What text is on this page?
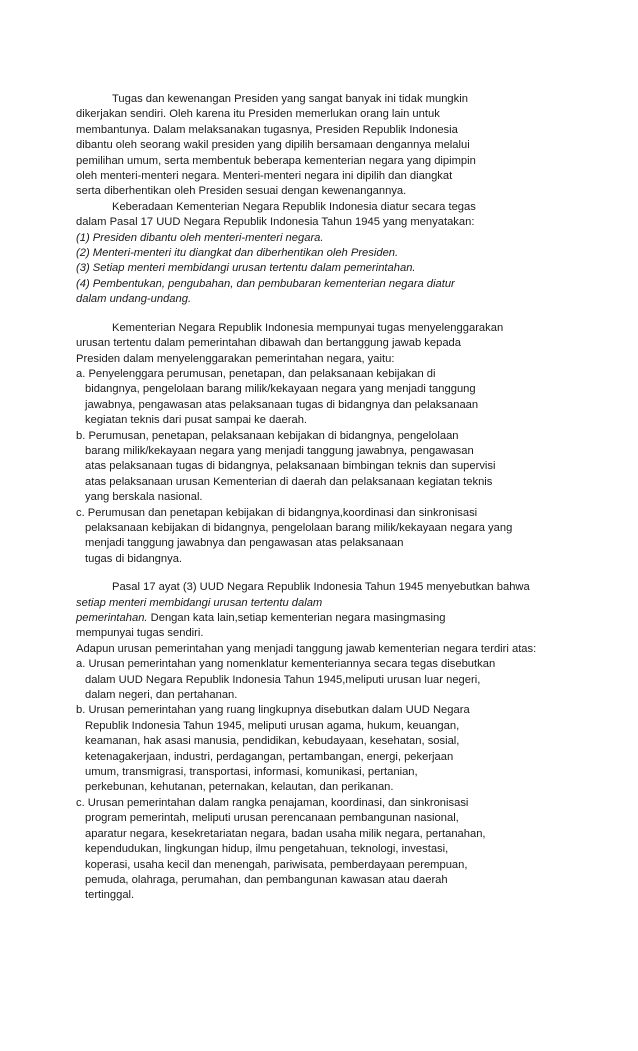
Tugas dan kewenangan Presiden yang sangat banyak ini tidak mungkin
dikerjakan sendiri. Oleh karena itu Presiden memerlukan orang lain untuk
membantunya. Dalam melaksanakan tugasnya, Presiden Republik Indonesia
dibantu oleh seorang wakil presiden yang dipilih bersamaan dengannya melalui
pemilihan umum, serta membentuk beberapa kementerian negara yang dipimpin
oleh menteri-menteri negara. Menteri-menteri negara ini dipilih dan diangkat
serta diberhentikan oleh Presiden sesuai dengan kewenangannya.
Keberadaan Kementerian Negara Republik Indonesia diatur secara tegas
dalam Pasal 17 UUD Negara Republik Indonesia Tahun 1945 yang menyatakan:
(1) Presiden dibantu oleh menteri-menteri negara.
(2) Menteri-menteri itu diangkat dan diberhentikan oleh Presiden.
(3) Setiap menteri membidangi urusan tertentu dalam pemerintahan.
(4) Pembentukan, pengubahan, dan pembubaran kementerian negara diatur
dalam undang-undang.
Kementerian Negara Republik Indonesia mempunyai tugas menyelenggarakan
urusan tertentu dalam pemerintahan dibawah dan bertanggung jawab kepada
Presiden dalam menyelenggarakan pemerintahan negara, yaitu:
a. Penyelenggara perumusan, penetapan, dan pelaksanaan kebijakan di
bidangnya, pengelolaan barang milik/kekayaan negara yang menjadi tanggung
jawabnya, pengawasan atas pelaksanaan tugas di bidangnya dan pelaksanaan
kegiatan teknis dari pusat sampai ke daerah.
b. Perumusan, penetapan, pelaksanaan kebijakan di bidangnya, pengelolaan
barang milik/kekayaan negara yang menjadi tanggung jawabnya, pengawasan
atas pelaksanaan tugas di bidangnya, pelaksanaan bimbingan teknis dan supervisi
atas pelaksanaan urusan Kementerian di daerah dan pelaksanaan kegiatan teknis
yang berskala nasional.
c. Perumusan dan penetapan kebijakan di bidangnya,koordinasi dan sinkronisasi
pelaksanaan kebijakan di bidangnya, pengelolaan barang milik/kekayaan negara yang
menjadi tanggung jawabnya dan pengawasan atas pelaksanaan
tugas di bidangnya.
Pasal 17 ayat (3) UUD Negara Republik Indonesia Tahun 1945 menyebutkan bahwa
setiap menteri membidangi urusan tertentu dalam
pemerintahan. Dengan kata lain,setiap kementerian negara masingmasing
mempunyai tugas sendiri.
Adapun urusan pemerintahan yang menjadi tanggung jawab kementerian negara terdiri atas:
a. Urusan pemerintahan yang nomenklatur kementeriannya secara tegas disebutkan
dalam UUD Negara Republik Indonesia Tahun 1945,meliputi urusan luar negeri,
dalam negeri, dan pertahanan.
b. Urusan pemerintahan yang ruang lingkupnya disebutkan dalam UUD Negara
Republik Indonesia Tahun 1945, meliputi urusan agama, hukum, keuangan,
keamanan, hak asasi manusia, pendidikan, kebudayaan, kesehatan, sosial,
ketenagakerjaan, industri, perdagangan, pertambangan, energi, pekerjaan
umum, transmigrasi, transportasi, informasi, komunikasi, pertanian,
perkebunan, kehutanan, peternakan, kelautan, dan perikanan.
c. Urusan pemerintahan dalam rangka penajaman, koordinasi, dan sinkronisasi
program pemerintah, meliputi urusan perencanaan pembangunan nasional,
aparatur negara, kesekretariatan negara, badan usaha milik negara, pertanahan,
kependudukan, lingkungan hidup, ilmu pengetahuan, teknologi, investasi,
koperasi, usaha kecil dan menengah, pariwisata, pemberdayaan perempuan,
pemuda, olahraga, perumahan, dan pembangunan kawasan atau daerah
tertinggal.
